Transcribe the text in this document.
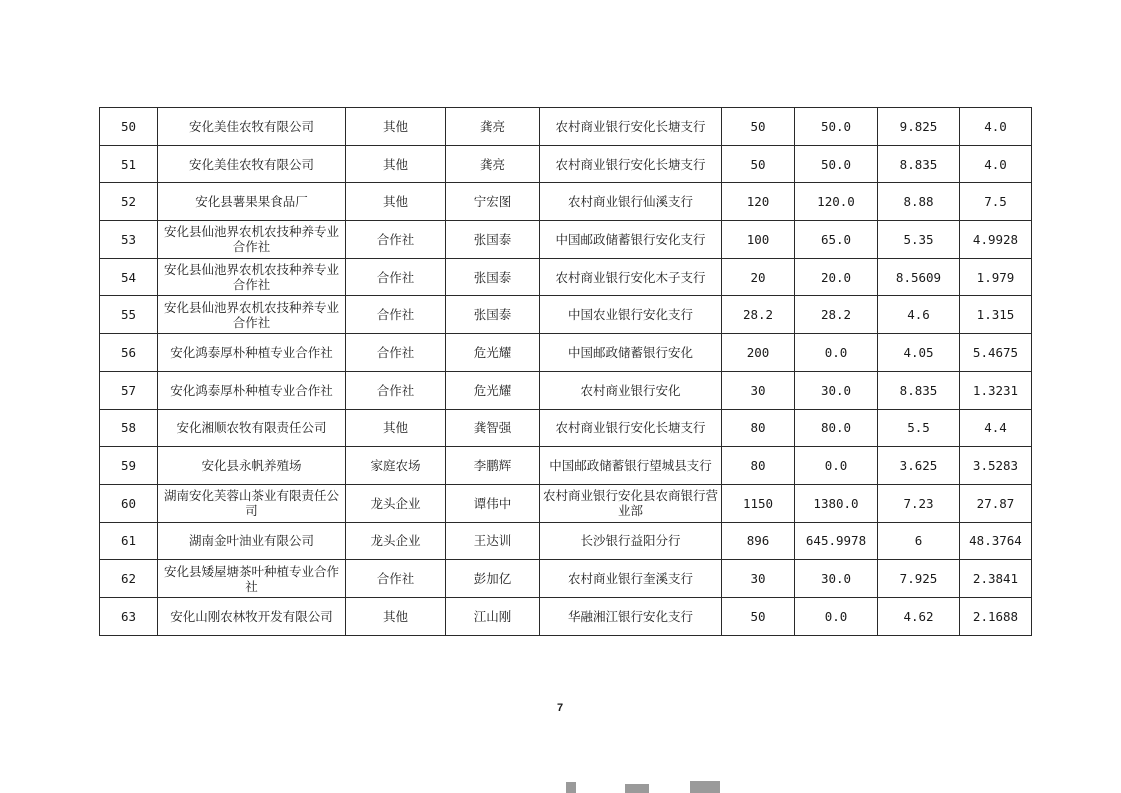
50	安化美佳农牧有限公司	其他	龚亮	农村商业银行安化长塘支行	50	50.0	9.825	4.0
51	安化美佳农牧有限公司	其他	龚亮	农村商业银行安化长塘支行	50	50.0	8.835	4.0
52	安化县薯果果食品厂	其他	宁宏图	农村商业银行仙溪支行	120	120.0	8.88	7.5
53	安化县仙池界农机农技种养专业合作社	合作社	张国泰	中国邮政储蓄银行安化支行	100	65.0	5.35	4.9928
54	安化县仙池界农机农技种养专业合作社	合作社	张国泰	农村商业银行安化木子支行	20	20.0	8.5609	1.979
55	安化县仙池界农机农技种养专业合作社	合作社	张国泰	中国农业银行安化支行	28.2	28.2	4.6	1.315
56	安化鸿泰厚朴种植专业合作社	合作社	危光耀	中国邮政储蓄银行安化	200	0.0	4.05	5.4675
57	安化鸿泰厚朴种植专业合作社	合作社	危光耀	农村商业银行安化	30	30.0	8.835	1.3231
58	安化湘顺农牧有限责任公司	其他	龚智强	农村商业银行安化长塘支行	80	80.0	5.5	4.4
59	安化县永帆养殖场	家庭农场	李鹏辉	中国邮政储蓄银行望城县支行	80	0.0	3.625	3.5283
60	湖南安化芙蓉山茶业有限责任公司	龙头企业	谭伟中	农村商业银行安化县农商银行营业部	1150	1380.0	7.23	27.87
61	湖南金叶油业有限公司	龙头企业	王达训	长沙银行益阳分行	896	645.9978	6	48.3764
62	安化县矮屋塘茶叶种植专业合作社	合作社	彭加亿	农村商业银行奎溪支行	30	30.0	7.925	2.3841
63	安化山刚农林牧开发有限公司	其他	江山刚	华融湘江银行安化支行	50	0.0	4.62	2.1688
7
